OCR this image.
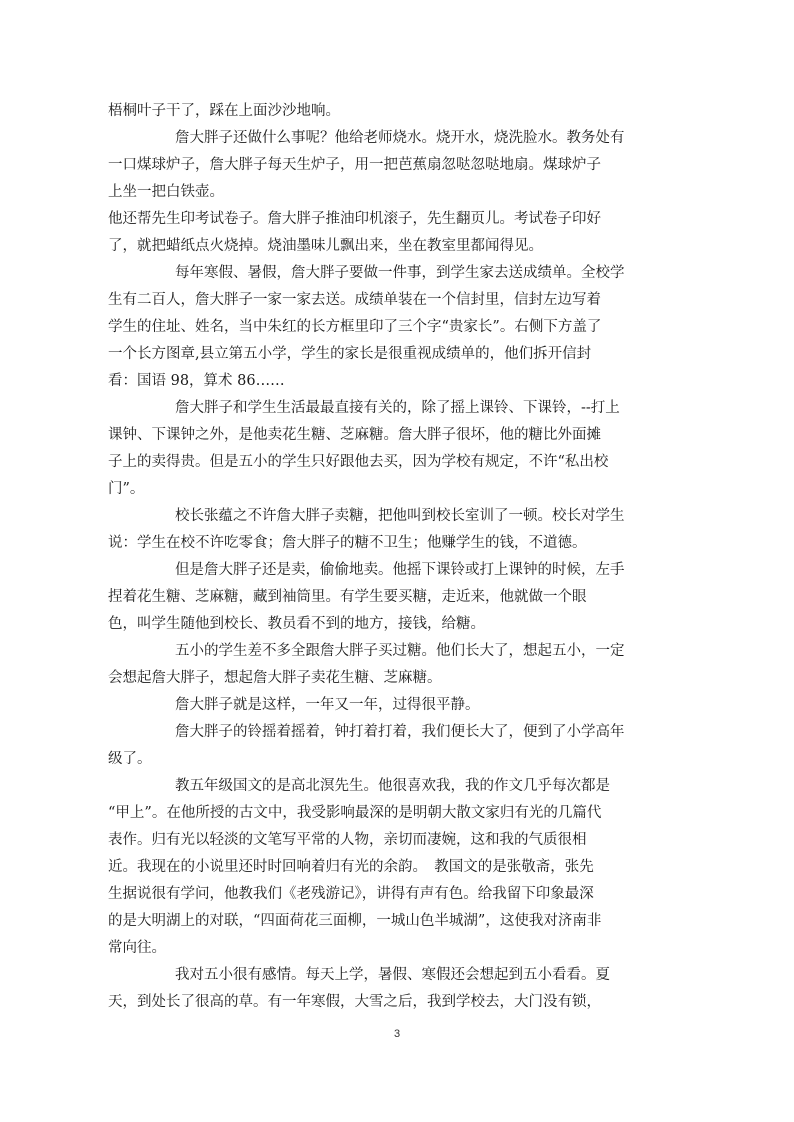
梧桐叶子干了，踩在上面沙沙地响。
詹大胖子还做什么事呢？他给老师烧水。烧开水，烧洗脸水。教务处有
一口煤球炉子，詹大胖子每天生炉子，用一把芭蕉扇忽哒忽哒地扇。煤球炉子
上坐一把白铁壶。
他还帮先生印考试卷子。詹大胖子推油印机滚子，先生翻页儿。考试卷子印好
了，就把蜡纸点火烧掉。烧油墨味儿飘出来，坐在教室里都闻得见。
每年寒假、暑假，詹大胖子要做一件事，到学生家去送成绩单。全校学
生有二百人，詹大胖子一家一家去送。成绩单装在一个信封里，信封左边写着
学生的住址、姓名，当中朱红的长方框里印了三个字“贵家长”。右侧下方盖了
一个长方图章,县立第五小学，学生的家长是很重视成绩单的，他们拆开信封
看：国语 98，算术 86……
詹大胖子和学生生活最最直接有关的，除了摇上课铃、下课铃，--打上
课钟、下课钟之外，是他卖花生糖、芝麻糖。詹大胖子很坏，他的糖比外面摊
子上的卖得贵。但是五小的学生只好跟他去买，因为学校有规定，不许“私出校
门”。
校长张蕴之不许詹大胖子卖糖，把他叫到校长室训了一顿。校长对学生
说：学生在校不许吃零食；詹大胖子的糖不卫生；他赚学生的钱，不道德。
但是詹大胖子还是卖，偷偷地卖。他摇下课铃或打上课钟的时候，左手
捏着花生糖、芝麻糖，藏到袖筒里。有学生要买糖，走近来，他就做一个眼
色，叫学生随他到校长、教员看不到的地方，接钱，给糖。
五小的学生差不多全跟詹大胖子买过糖。他们长大了，想起五小，一定
会想起詹大胖子，想起詹大胖子卖花生糖、芝麻糖。
詹大胖子就是这样，一年又一年，过得很平静。
詹大胖子的铃摇着摇着，钟打着打着，我们便长大了，便到了小学高年
级了。
教五年级国文的是高北溟先生。他很喜欢我，我的作文几乎每次都是
“甲上”。在他所授的古文中，我受影响最深的是明朝大散文家归有光的几篇代
表作。归有光以轻淡的文笔写平常的人物，亲切而凄婉，这和我的气质很相
近。我现在的小说里还时时回响着归有光的余韵。　教国文的是张敬斋，张先
生据说很有学问，他教我们《老残游记》，讲得有声有色。给我留下印象最深
的是大明湖上的对联，“四面荷花三面柳，一城山色半城湖”，这使我对济南非
常向往。
我对五小很有感情。每天上学，暑假、寒假还会想起到五小看看。夏
天，到处长了很高的草。有一年寒假，大雪之后，我到学校去，大门没有锁，
3
